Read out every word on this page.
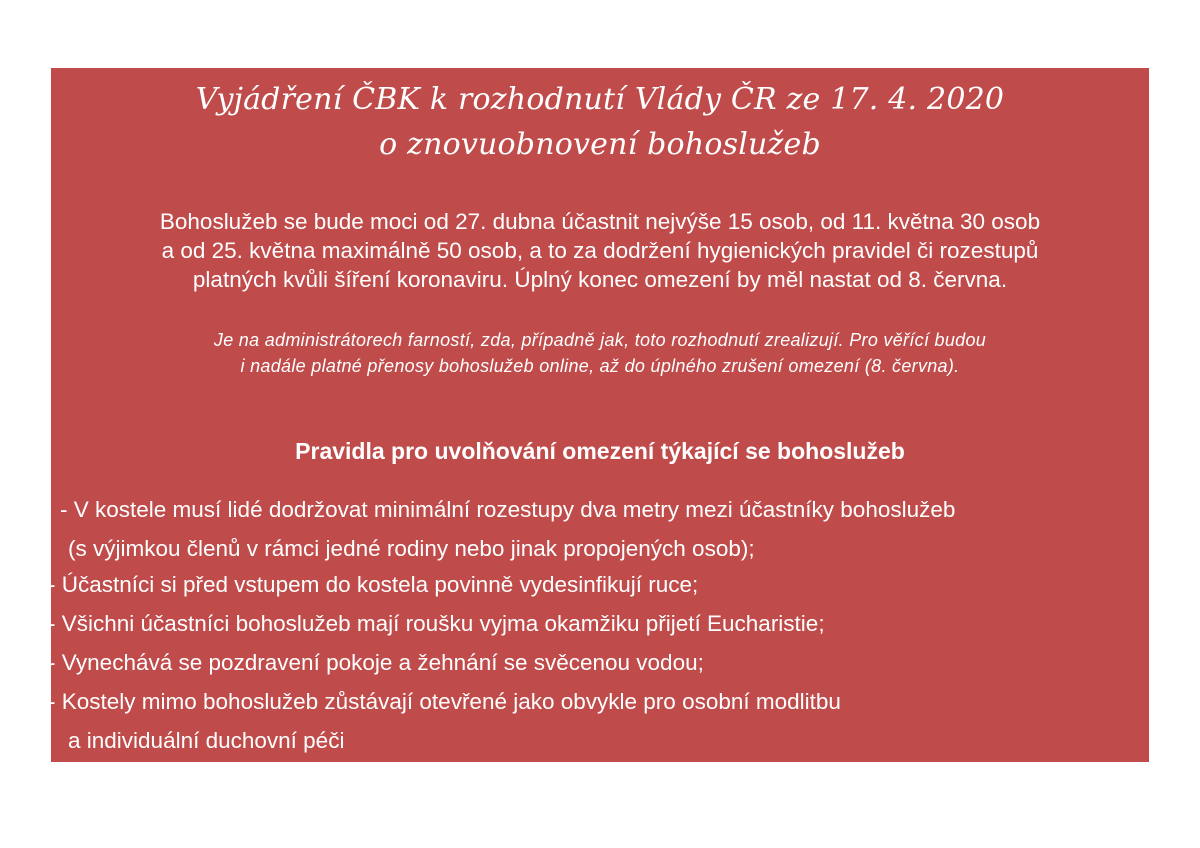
Vyjádření ČBK k rozhodnutí Vlády ČR ze 17. 4. 2020
o znovuobnovení bohoslužeb

Bohoslužeb se bude moci od 27. dubna účastnit nejvýše 15 osob, od 11. května 30 osob

a od 25. května maximálně 50 osob, a to za dodržení hygienických pravidel či rozestupů

platných kvůli šíření koronaviru. Úplný konec omezení by měl nastat od 8. června.

Je na administrátorech farností, zda, případně jak, toto rozhodnutí zrealizují. Pro věřící budou

i nadále platné přenosy bohoslužeb online, až do úplného zrušení omezení (8. června).

Pravidla pro uvolňování omezení týkající se bohoslužeb

- V kostele musí lidé dodržovat minimální rozestupy dva metry mezi účastníky bohoslužeb

(s výjimkou členů v rámci jedné rodiny nebo jinak propojených osob);

- Účastníci si před vstupem do kostela povinně vydesinfikují ruce;

- Všichni účastníci bohoslužeb mají roušku vyjma okamžiku přijetí Eucharistie;

- Vynechává se pozdravení pokoje a žehnání se svěcenou vodou;

- Kostely mimo bohoslužeb zůstávají otevřené jako obvykle pro osobní modlitbu

a individuální duchovní péči
